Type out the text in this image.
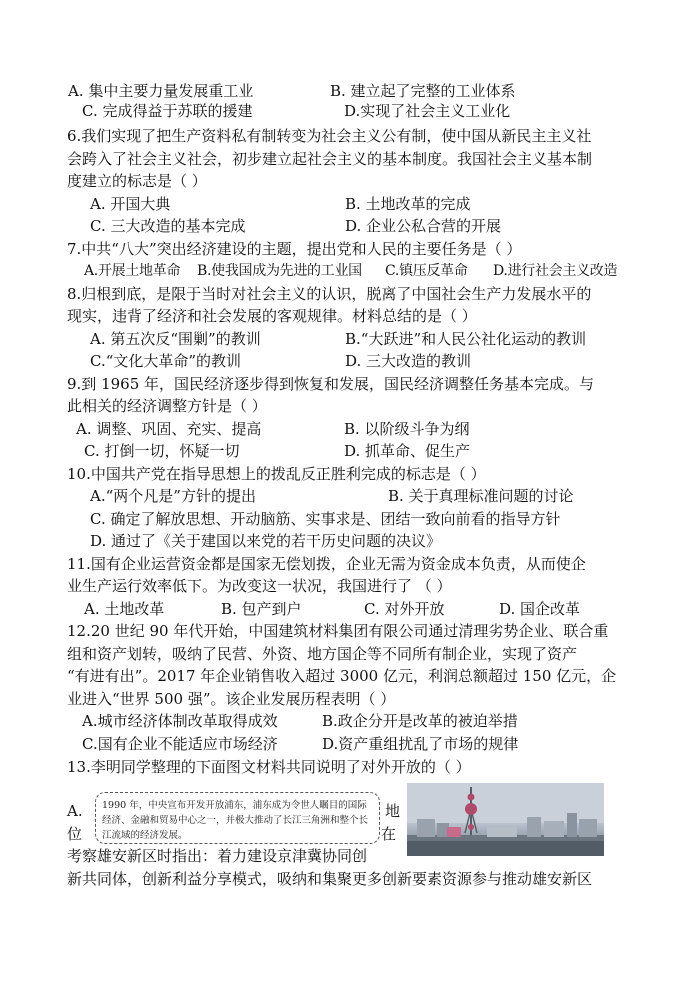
A. 集中主要力量发展重工业	B. 建立起了完整的工业体系
C. 完成得益于苏联的援建	D.实现了社会主义工业化
6.我们实现了把生产资料私有制转变为社会主义公有制，使中国从新民主主义社
会跨入了社会主义社会，初步建立起社会主义的基本制度。我国社会主义基本制
度建立的标志是（ ）
A. 开国大典	B. 土地改革的完成
C. 三大改造的基本完成	D. 企业公私合营的开展
7.中共“八大”突出经济建设的主题，提出党和人民的主要任务是（ ）
A.开展土地革命 B.使我国成为先进的工业国 C.镇压反革命 D.进行社会主义改造
8.归根到底，是限于当时对社会主义的认识，脱离了中国社会生产力发展水平的
现实，违背了经济和社会发展的客观规律。材料总结的是（ ）
A. 第五次反“围剿”的教训	B.“大跃进”和人民公社化运动的教训
C.“文化大革命”的教训	D. 三大改造的教训
9.到 1965 年，国民经济逐步得到恢复和发展，国民经济调整任务基本完成。与
此相关的经济调整方针是（ ）
A. 调整、巩固、充实、提高	B. 以阶级斗争为纲
C. 打倒一切，怀疑一切	D. 抓革命、促生产
10.中国共产党在指导思想上的拨乱反正胜利完成的标志是（ ）
A.“两个凡是”方针的提出	B. 关于真理标准问题的讨论
C. 确定了解放思想、开动脑筋、实事求是、团结一致向前看的指导方针
D. 通过了《关于建国以来党的若干历史问题的决议》
11.国有企业运营资金都是国家无偿划拨，企业无需为资金成本负责，从而使企
业生产运行效率低下。为改变这一状况，我国进行了 （ ）
A. 土地改革	B. 包产到户	C. 对外开放	D. 国企改革
12.20 世纪 90 年代开始，中国建筑材料集团有限公司通过清理劣势企业、联合重
组和资产划转，吸纳了民营、外资、地方国企等不同所有制企业，实现了资产
“有进有出”。2017 年企业销售收入超过 3000 亿元，利润总额超过 150 亿元，企
业进入“世界 500 强”。该企业发展历程表明（ ）
A.城市经济体制改革取得成效	B.政企分开是改革的被迫举措
C.国有企业不能适应市场经济	D.资产重组扰乱了市场的规律
13.李明同学整理的下面图文材料共同说明了对外开放的（ ）
A.	地
位	在
考察雄安新区时指出：着力建设京津冀协同创
新共同体，创新利益分享模式，吸纳和集聚更多创新要素资源参与推动雄安新区
1990 年，中央宣布开发开放浦东，浦东成为令世人瞩目的国际经济、金融和贸易中心之一，并极大推动了长江三角洲和整个长江流域的经济发展。
